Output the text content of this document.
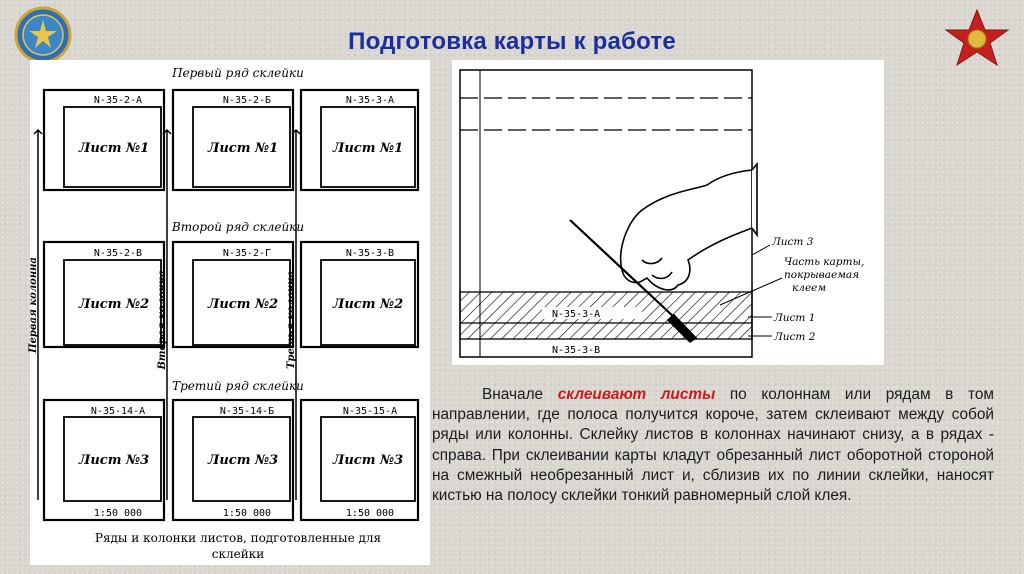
Подготовка карты к работе
N-35-2-А	N-35-2-Б	N-35-3-А
N-35-2-В	N-35-2-Г	N-35-3-В
N-35-14-А	N-35-14-Б	N-35-15-А
1:50 000	1:50 000	1:50 000
Лист №1	Лист №1	Лист №1
Лист №2	Лист №2	Лист №2
Лист №3	Лист №3	Лист №3
Первый ряд склейки
Второй ряд склейки
Третий ряд склейки
Первая колонна	Вторая колонна	Третья колонна
Ряды и колонки листов, подготовленные для
склейки
N-35-3-А
N-35-3-В
Лист 3
Часть карты,
покрываемая
клеем
Лист 1
Лист 2

Вначале склеивают листы по колоннам или рядам в том направлении, где полоса получится короче, затем склеивают между собой ряды или колонны. Склейку листов в колоннах начинают снизу, а в рядах - справа. При склеивании карты кладут обрезанный лист оборотной стороной на смежный необрезанный лист и, сблизив их по линии склейки, наносят кистью на полосу склейки тонкий равномерный слой клея.
